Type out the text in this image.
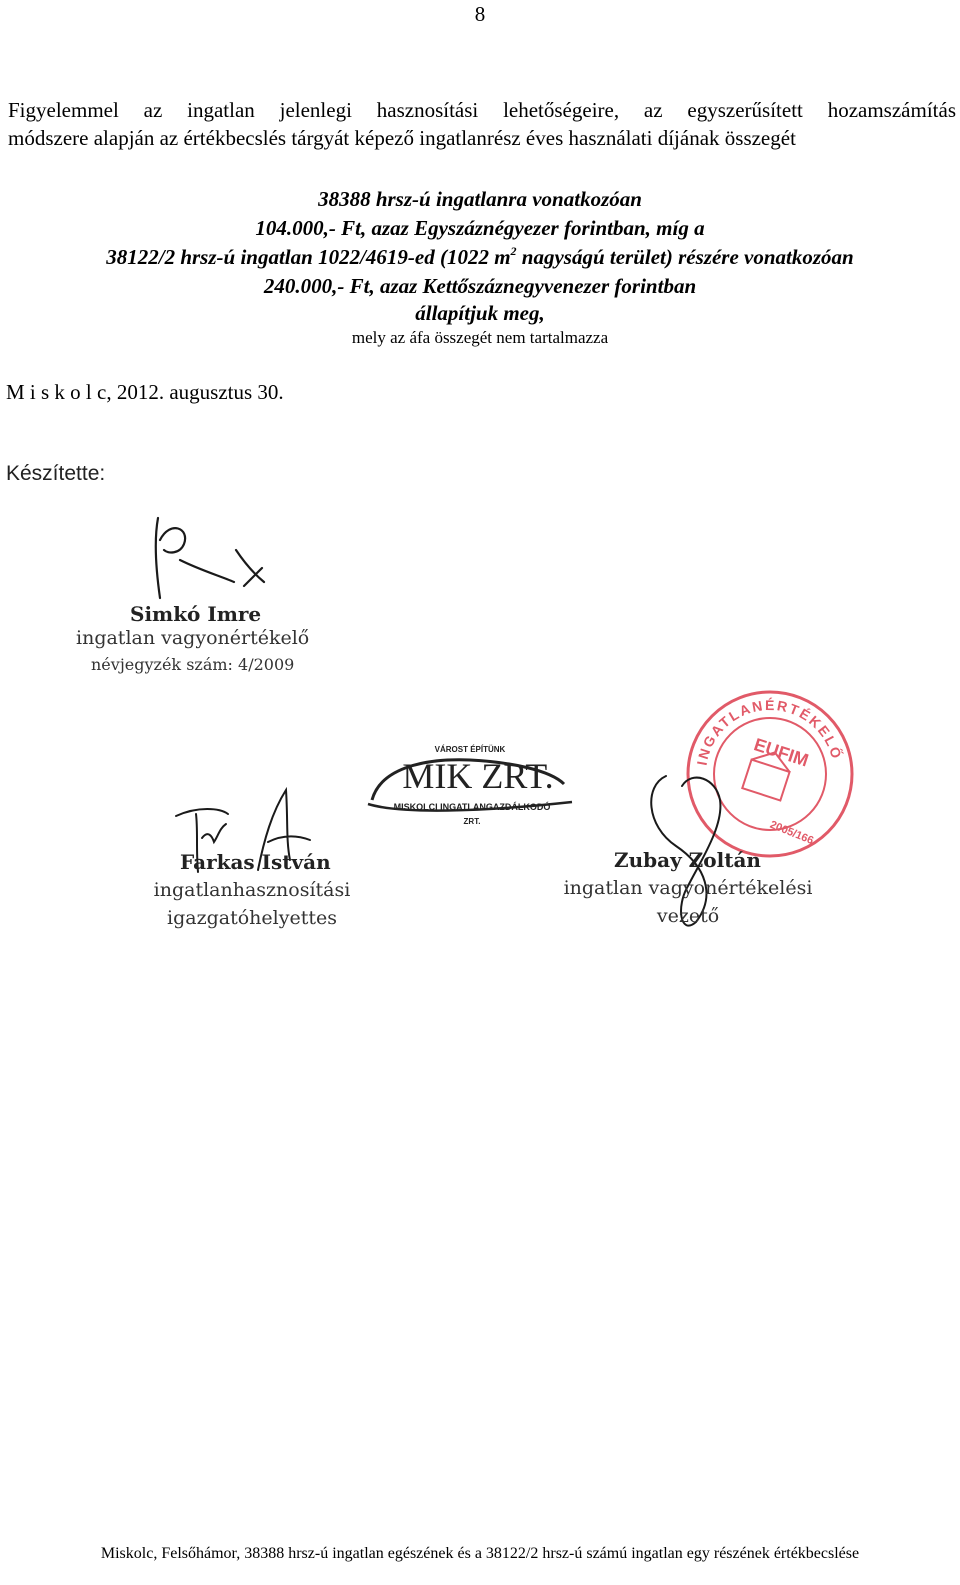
8
Figyelemmel az ingatlan jelenlegi hasznosítási lehetőségeire, az egyszerűsített hozamszámítás
módszere alapján az értékbecslés tárgyát képező ingatlanrész éves használati díjának összegét
38388 hrsz-ú ingatlanra vonatkozóan
104.000,- Ft, azaz Egyszáznégyezer forintban, míg a
38122/2 hrsz-ú ingatlan 1022/4619-ed (1022 $m^2$ nagyságú terület) részére vonatkozóan
240.000,- Ft, azaz Kettőszáznegyvenezer forintban
állapítjuk meg,
mely az áfa összegét nem tartalmazza
M i s k o l c, 2012. augusztus 30.
Készítette:
Simkó Imre
ingatlan vagyonértékelő
névjegyzék szám: 4/2009
VÁROST ÉPÍTÜNK
MIK ZRT.
MISKOLCI INGATLANGAZDÁLKODÓ
ZRT.
INGATLANÉRTÉKELŐ
EUFIM
2005/166
Farkas István
ingatlanhasznosítási
igazgatóhelyettes
Zubay Zoltán
ingatlan vagyonértékelési
vezető
Miskolc, Felsőhámor, 38388 hrsz-ú ingatlan egészének és a 38122/2 hrsz-ú számú ingatlan egy részének értékbecslése
